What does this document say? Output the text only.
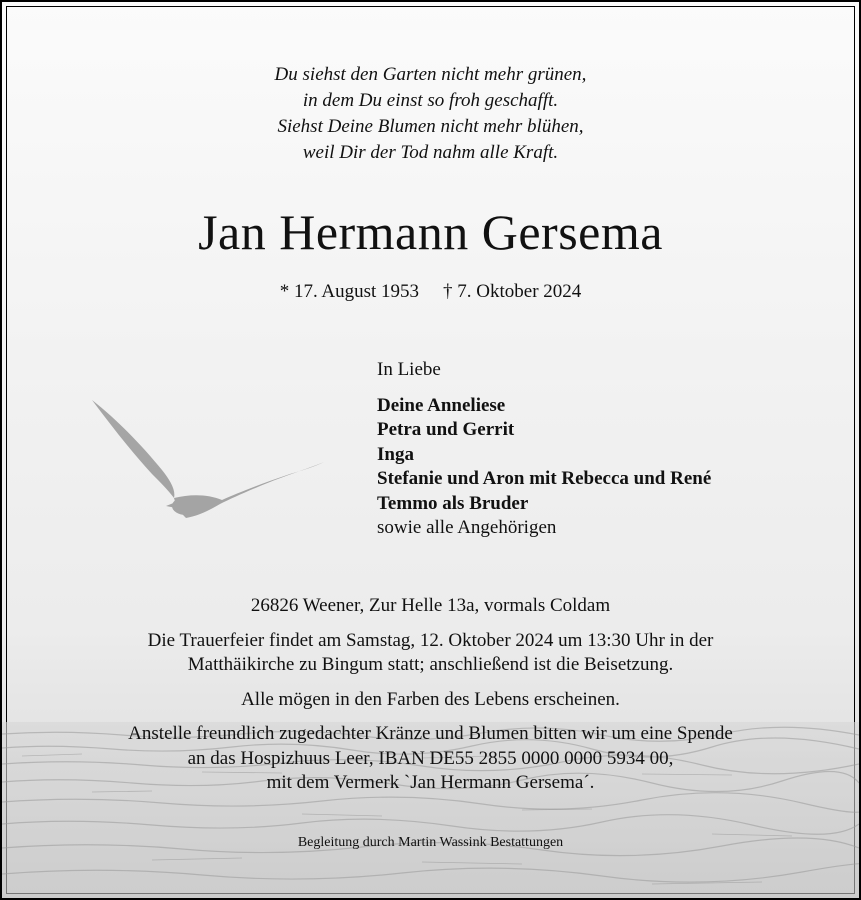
Du siehst den Garten nicht mehr grünen,
in dem Du einst so froh geschafft.
Siehst Deine Blumen nicht mehr blühen,
weil Dir der Tod nahm alle Kraft.
Jan Hermann Gersema
* 17. August 1953 † 7. Oktober 2024
In Liebe
Deine Anneliese
Petra und Gerrit
Inga
Stefanie und Aron mit Rebecca und René
Temmo als Bruder
sowie alle Angehörigen

26826 Weener, Zur Helle 13a, vormals Coldam

Die Trauerfeier findet am Samstag, 12. Oktober 2024 um 13:30 Uhr in der
Matthäikirche zu Bingum statt; anschließend ist die Beisetzung.

Alle mögen in den Farben des Lebens erscheinen.

Anstelle freundlich zugedachter Kränze und Blumen bitten wir um eine Spende
an das Hospizhuus Leer, IBAN DE55 2855 0000 0000 5934 00,
mit dem Vermerk `Jan Hermann Gersema´.

Begleitung durch Martin Wassink Bestattungen
